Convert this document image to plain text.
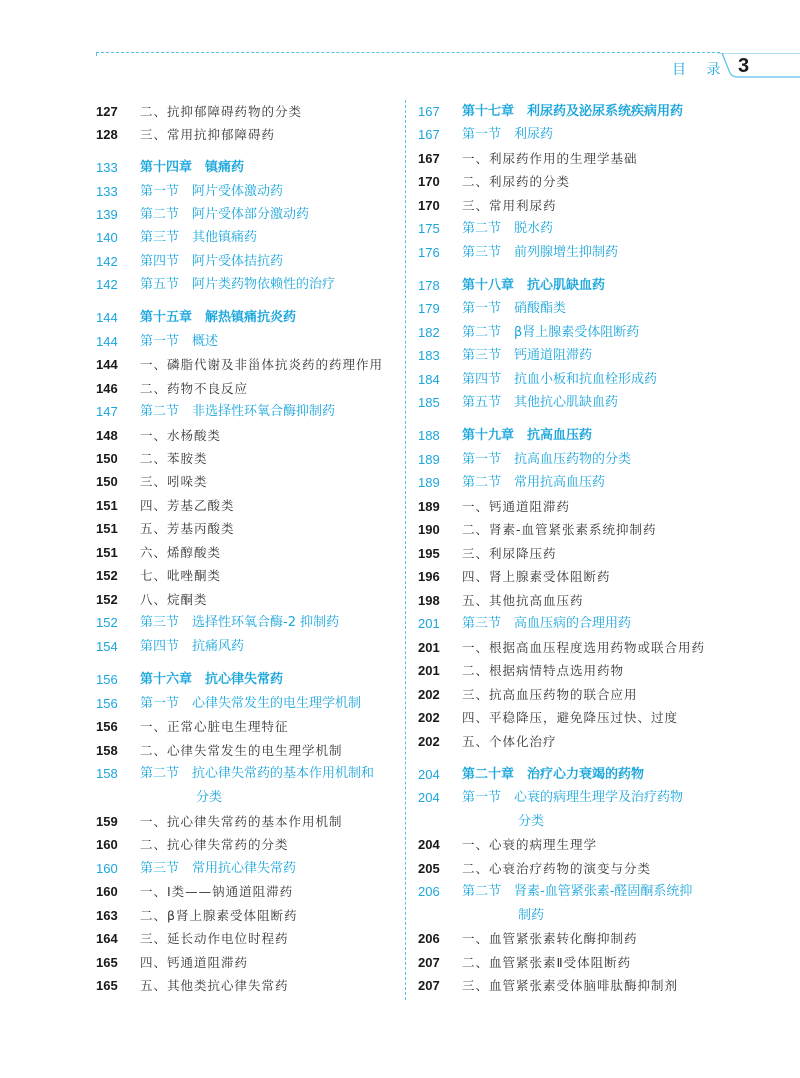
目 录 3
127	二、抗抑郁障碍药物的分类
128	三、常用抗抑郁障碍药
133	第十四章　镇痛药
133	第一节　阿片受体激动药
139	第二节　阿片受体部分激动药
140	第三节　其他镇痛药
142	第四节　阿片受体拮抗药
142	第五节　阿片类药物依赖性的治疗
144	第十五章　解热镇痛抗炎药
144	第一节　概述
144	一、磷脂代谢及非甾体抗炎药的药理作用
146	二、药物不良反应
147	第二节　非选择性环氧合酶抑制药
148	一、水杨酸类
150	二、苯胺类
150	三、吲哚类
151	四、芳基乙酸类
151	五、芳基丙酸类
151	六、烯醇酸类
152	七、吡唑酮类
152	八、烷酮类
152	第三节　选择性环氧合酶-2 抑制药
154	第四节　抗痛风药
156	第十六章　抗心律失常药
156	第一节　心律失常发生的电生理学机制
156	一、正常心脏电生理特征
158	二、心律失常发生的电生理学机制
158	第二节　抗心律失常药的基本作用机制和
分类
159	一、抗心律失常药的基本作用机制
160	二、抗心律失常药的分类
160	第三节　常用抗心律失常药
160	一、Ⅰ类——钠通道阻滞药
163	二、β肾上腺素受体阻断药
164	三、延长动作电位时程药
165	四、钙通道阻滞药
165	五、其他类抗心律失常药
167	第十七章　利尿药及泌尿系统疾病用药
167	第一节　利尿药
167	一、利尿药作用的生理学基础
170	二、利尿药的分类
170	三、常用利尿药
175	第二节　脱水药
176	第三节　前列腺增生抑制药
178	第十八章　抗心肌缺血药
179	第一节　硝酸酯类
182	第二节　β肾上腺素受体阻断药
183	第三节　钙通道阻滞药
184	第四节　抗血小板和抗血栓形成药
185	第五节　其他抗心肌缺血药
188	第十九章　抗高血压药
189	第一节　抗高血压药物的分类
189	第二节　常用抗高血压药
189	一、钙通道阻滞药
190	二、肾素-血管紧张素系统抑制药
195	三、利尿降压药
196	四、肾上腺素受体阻断药
198	五、其他抗高血压药
201	第三节　高血压病的合理用药
201	一、根据高血压程度选用药物或联合用药
201	二、根据病情特点选用药物
202	三、抗高血压药物的联合应用
202	四、平稳降压，避免降压过快、过度
202	五、个体化治疗
204	第二十章　治疗心力衰竭的药物
204	第一节　心衰的病理生理学及治疗药物
分类
204	一、心衰的病理生理学
205	二、心衰治疗药物的演变与分类
206	第二节　肾素-血管紧张素-醛固酮系统抑
制药
206	一、血管紧张素转化酶抑制药
207	二、血管紧张素Ⅱ受体阻断药
207	三、血管紧张素受体脑啡肽酶抑制剂
